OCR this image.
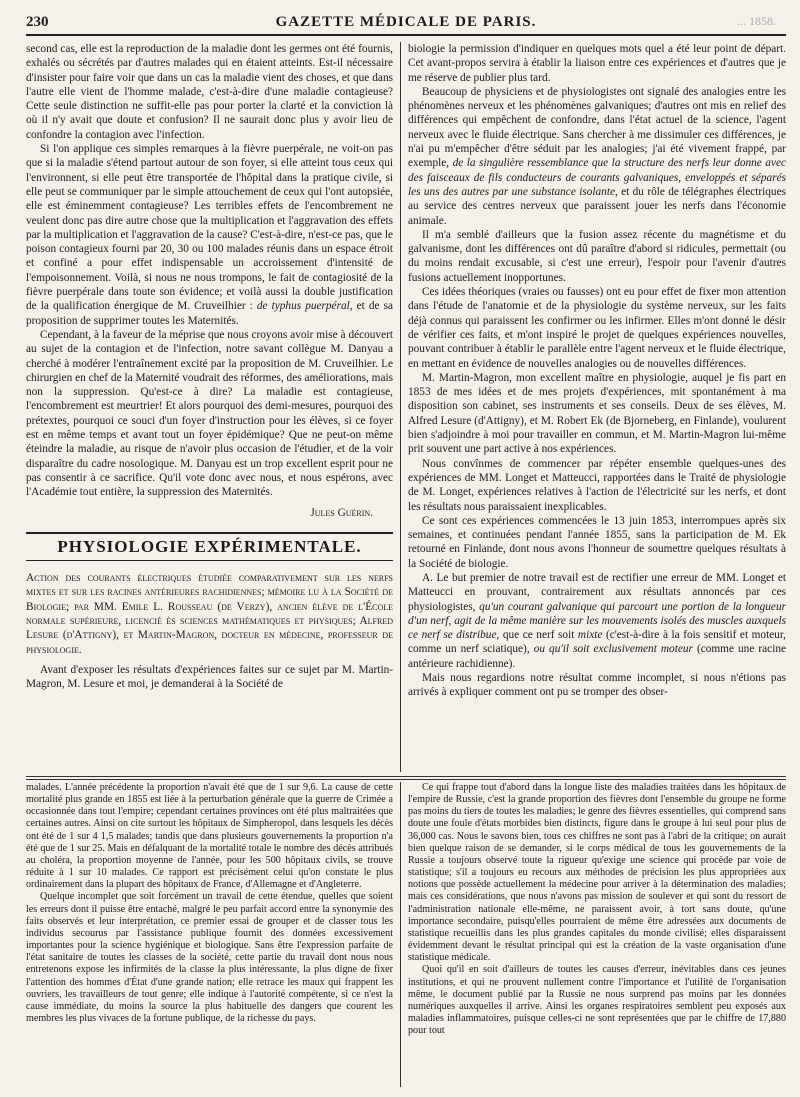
230	GAZETTE MÉDICALE DE PARIS.	... 1858.

second cas, elle est la reproduction de la maladie dont les germes ont été fournis, exhalés ou sécrétés par d'autres malades qui en étaient atteints. Est-il nécessaire d'insister pour faire voir que dans un cas la maladie vient des choses, et que dans l'autre elle vient de l'homme malade, c'est-à-dire d'une maladie contagieuse? Cette seule distinction ne suffit-elle pas pour porter la clarté et la conviction là où il n'y avait que doute et confusion? Il ne saurait donc plus y avoir lieu de confondre la contagion avec l'infection.

Si l'on applique ces simples remarques à la fièvre puerpérale, ne voit-on pas que si la maladie s'étend partout autour de son foyer, si elle atteint tous ceux qui l'environnent, si elle peut être transportée de l'hôpital dans la pratique civile, si elle peut se communiquer par le simple attouchement de ceux qui l'ont autopsiée, elle est éminemment contagieuse? Les terribles effets de l'encombrement ne veulent donc pas dire autre chose que la multiplication et l'aggravation des effets par la multiplication et l'aggravation de la cause? C'est-à-dire, n'est-ce pas, que le poison contagieux fourni par 20, 30 ou 100 malades réunis dans un espace étroit et confiné a pour effet indispensable un accroissement d'intensité de l'empoisonnement. Voilà, si nous ne nous trompons, le fait de contagiosité de la fièvre puerpérale dans toute son évidence; et voilà aussi la double justification de la qualification énergique de M. Cruveilhier : de typhus puerpéral, et de sa proposition de supprimer toutes les Maternités.

Cependant, à la faveur de la méprise que nous croyons avoir mise à découvert au sujet de la contagion et de l'infection, notre savant collègue M. Danyau a cherché à modérer l'entraînement excité par la proposition de M. Cruveilhier. Le chirurgien en chef de la Maternité voudrait des réformes, des améliorations, mais non la suppression. Qu'est-ce à dire? La maladie est contagieuse, l'encombrement est meurtrier! Et alors pourquoi des demi-mesures, pourquoi des prétextes, pourquoi ce souci d'un foyer d'instruction pour les élèves, si ce foyer est en même temps et avant tout un foyer épidémique? Que ne peut-on même éteindre la maladie, au risque de n'avoir plus occasion de l'étudier, et de la voir disparaître du cadre nosologique. M. Danyau est un trop excellent esprit pour ne pas consentir à ce sacrifice. Qu'il vote donc avec nous, et nous espérons, avec l'Académie tout entière, la suppression des Maternités.

Jules Guérin.

PHYSIOLOGIE EXPÉRIMENTALE.

Action des courants électriques étudiée comparativement sur les nerfs mixtes et sur les racines antérieures rachidiennes; mémoire lu à la Société de Biologie; par MM. Emile L. Rousseau (de Verzy), ancien élève de l'École normale supérieure, licencié ès sciences mathématiques et physiques; Alfred Lesure (d'Attigny), et Martin-Magron, docteur en médecine, professeur de physiologie.

Avant d'exposer les résultats d'expériences faites sur ce sujet par M. Martin-Magron, M. Lesure et moi, je demanderai à la Société de

biologie la permission d'indiquer en quelques mots quel a été leur point de départ. Cet avant-propos servira à établir la liaison entre ces expériences et d'autres que je me réserve de publier plus tard.

Beaucoup de physiciens et de physiologistes ont signalé des analogies entre les phénomènes nerveux et les phénomènes galvaniques; d'autres ont mis en relief des différences qui empêchent de confondre, dans l'état actuel de la science, l'agent nerveux avec le fluide électrique. Sans chercher à me dissimuler ces différences, je n'ai pu m'empêcher d'être séduit par les analogies; j'ai été vivement frappé, par exemple, de la singulière ressemblance que la structure des nerfs leur donne avec des faisceaux de fils conducteurs de courants galvaniques, enveloppés et séparés les uns des autres par une substance isolante, et du rôle de télégraphes électriques au service des centres nerveux que paraissent jouer les nerfs dans l'économie animale.

Il m'a semblé d'ailleurs que la fusion assez récente du magnétisme et du galvanisme, dont les différences ont dû paraître d'abord si ridicules, permettait (ou du moins rendait excusable, si c'est une erreur), l'espoir pour l'avenir d'autres fusions actuellement inopportunes.

Ces idées théoriques (vraies ou fausses) ont eu pour effet de fixer mon attention dans l'étude de l'anatomie et de la physiologie du système nerveux, sur les faits déjà connus qui paraissent les confirmer ou les infirmer. Elles m'ont donné le désir de vérifier ces faits, et m'ont inspiré le projet de quelques expériences nouvelles, pouvant contribuer à établir le parallèle entre l'agent nerveux et le fluide électrique, en mettant en évidence de nouvelles analogies ou de nouvelles différences.

M. Martin-Magron, mon excellent maître en physiologie, auquel je fis part en 1853 de mes idées et de mes projets d'expériences, mit spontanément à ma disposition son cabinet, ses instruments et ses conseils. Deux de ses élèves, M. Alfred Lesure (d'Attigny), et M. Robert Ek (de Bjorneberg, en Finlande), voulurent bien s'adjoindre à moi pour travailler en commun, et M. Martin-Magron lui-même prit souvent une part active à nos expériences.

Nous convînmes de commencer par répéter ensemble quelques-unes des expériences de MM. Longet et Matteucci, rapportées dans le Traité de physiologie de M. Longet, expériences relatives à l'action de l'électricité sur les nerfs, et dont les résultats nous paraissaient inexplicables.

Ce sont ces expériences commencées le 13 juin 1853, interrompues après six semaines, et continuées pendant l'année 1855, sans la participation de M. Ek retourné en Finlande, dont nous avons l'honneur de soumettre quelques résultats à la Société de biologie.

A. Le but premier de notre travail est de rectifier une erreur de MM. Longet et Matteucci en prouvant, contrairement aux résultats annoncés par ces physiologistes, qu'un courant galvanique qui parcourt une portion de la longueur d'un nerf, agit de la même manière sur les mouvements isolés des muscles auxquels ce nerf se distribue, que ce nerf soit mixte (c'est-à-dire à la fois sensitif et moteur, comme un nerf sciatique), ou qu'il soit exclusivement moteur (comme une racine antérieure rachidienne).

Mais nous regardions notre résultat comme incomplet, si nous n'étions pas arrivés à expliquer comment ont pu se tromper des obser-

malades. L'année précédente la proportion n'avait été que de 1 sur 9,6. La cause de cette mortalité plus grande en 1855 est liée à la perturbation générale que la guerre de Crimée a occasionnée dans tout l'empire; cependant certaines provinces ont été plus maltraitées que certaines autres. Ainsi on cite surtout les hôpitaux de Simpheropol, dans lesquels les décès ont été de 1 sur 4 1,5 malades; tandis que dans plusieurs gouvernements la proportion n'a été que de 1 sur 25. Mais en défalquant de la mortalité totale le nombre des décès attribués au choléra, la proportion moyenne de l'année, pour les 500 hôpitaux civils, se trouve réduite à 1 sur 10 malades. Ce rapport est précisément celui qu'on constate le plus ordinairement dans la plupart des hôpitaux de France, d'Allemagne et d'Angleterre.

Quelque incomplet que soit forcément un travail de cette étendue, quelles que soient les erreurs dont il puisse être entaché, malgré le peu parfait accord entre la synonymie des faits observés et leur interprétation, ce premier essai de grouper et de classer tous les individus secourus par l'assistance publique fournit des données excessivement importantes pour la science hygiénique et biologique. Sans être l'expression parfaite de l'état sanitaire de toutes les classes de la société, cette partie du travail dont nous nous entretenons expose les infirmités de la classe la plus intéressante, la plus digne de fixer l'attention des hommes d'État d'une grande nation; elle retrace les maux qui frappent les ouvriers, les travailleurs de tout genre; elle indique à l'autorité compétente, si ce n'est la cause immédiate, du moins la source la plus habituelle des dangers que courent les membres les plus vivaces de la fortune publique, de la richesse du pays.

Ce qui frappe tout d'abord dans la longue liste des maladies traitées dans les hôpitaux de l'empire de Russie, c'est la grande proportion des fièvres dont l'ensemble du groupe ne forme pas moins du tiers de toutes les maladies; le genre des fièvres essentielles, qui comprend sans doute une foule d'états morbides bien distincts, figure dans le groupe à lui seul pour plus de 36,000 cas. Nous le savons bien, tous ces chiffres ne sont pas à l'abri de la critique; on aurait bien quelque raison de se demander, si le corps médical de tous les gouvernements de la Russie a toujours observé toute la rigueur qu'exige une science qui procède par voie de statistique; s'il a toujours eu recours aux méthodes de précision les plus appropriées aux notions que possède actuellement la médecine pour arriver à la détermination des maladies; mais ces considérations, que nous n'avons pas mission de soulever et qui sont du ressort de l'administration nationale elle-même, ne paraissent avoir, à tort sans doute, qu'une importance secondaire, puisqu'elles pourraient de même être adressées aux documents de statistique recueillis dans les plus grandes capitales du monde civilisé; elles disparaissent évidemment devant le résultat principal qui est la création de la vaste organisation d'une statistique médicale.

Quoi qu'il en soit d'ailleurs de toutes les causes d'erreur, inévitables dans ces jeunes institutions, et qui ne prouvent nullement contre l'importance et l'utilité de l'organisation même, le document publié par la Russie ne nous surprend pas moins par les données numériques auxquelles il arrive. Ainsi les organes respiratoires semblent peu exposés aux maladies inflammatoires, puisque celles-ci ne sont représentées que par le chiffre de 17,880 pour tout
